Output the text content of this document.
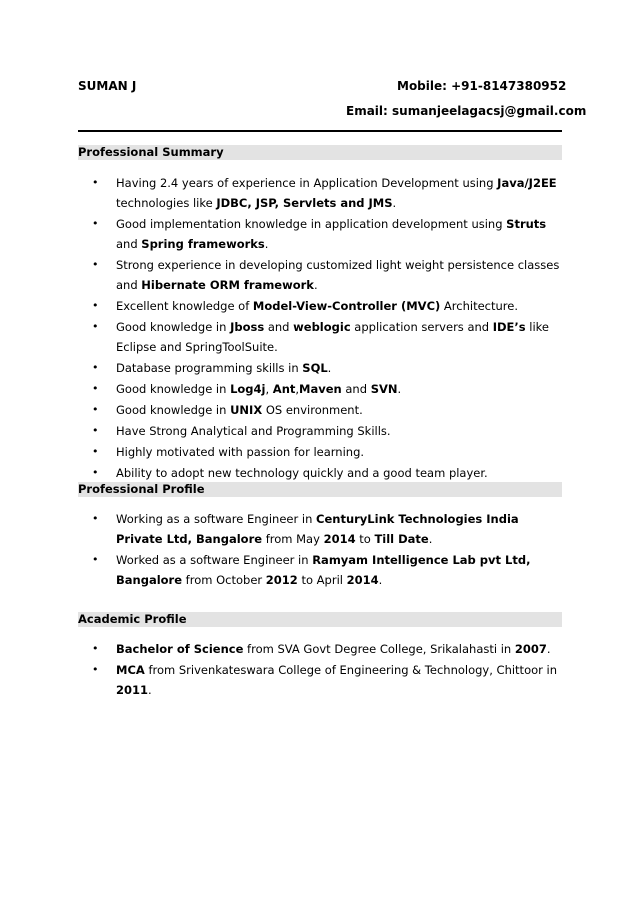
SUMAN J	Mobile: +91-8147380952
Email: sumanjeelagacsj@gmail.com
Professional Summary
• Having 2.4 years of experience in Application Development using Java/J2EE technologies like JDBC, JSP, Servlets and JMS.
• Good implementation knowledge in application development using Struts and Spring frameworks.
• Strong experience in developing customized light weight persistence classes and Hibernate ORM framework.
• Excellent knowledge of Model-View-Controller (MVC) Architecture.
• Good knowledge in Jboss and weblogic application servers and IDE’s like Eclipse and SpringToolSuite.
• Database programming skills in SQL.
• Good knowledge in Log4j, Ant,Maven and SVN.
• Good knowledge in UNIX OS environment.
• Have Strong Analytical and Programming Skills.
• Highly motivated with passion for learning.
• Ability to adopt new technology quickly and a good team player.
Professional Profile
• Working as a software Engineer in CenturyLink Technologies India Private Ltd, Bangalore from May 2014 to Till Date.
• Worked as a software Engineer in Ramyam Intelligence Lab pvt Ltd, Bangalore from October 2012 to April 2014.
Academic Profile
• Bachelor of Science from SVA Govt Degree College, Srikalahasti in 2007.
• MCA from Srivenkateswara College of Engineering & Technology, Chittoor in 2011.
